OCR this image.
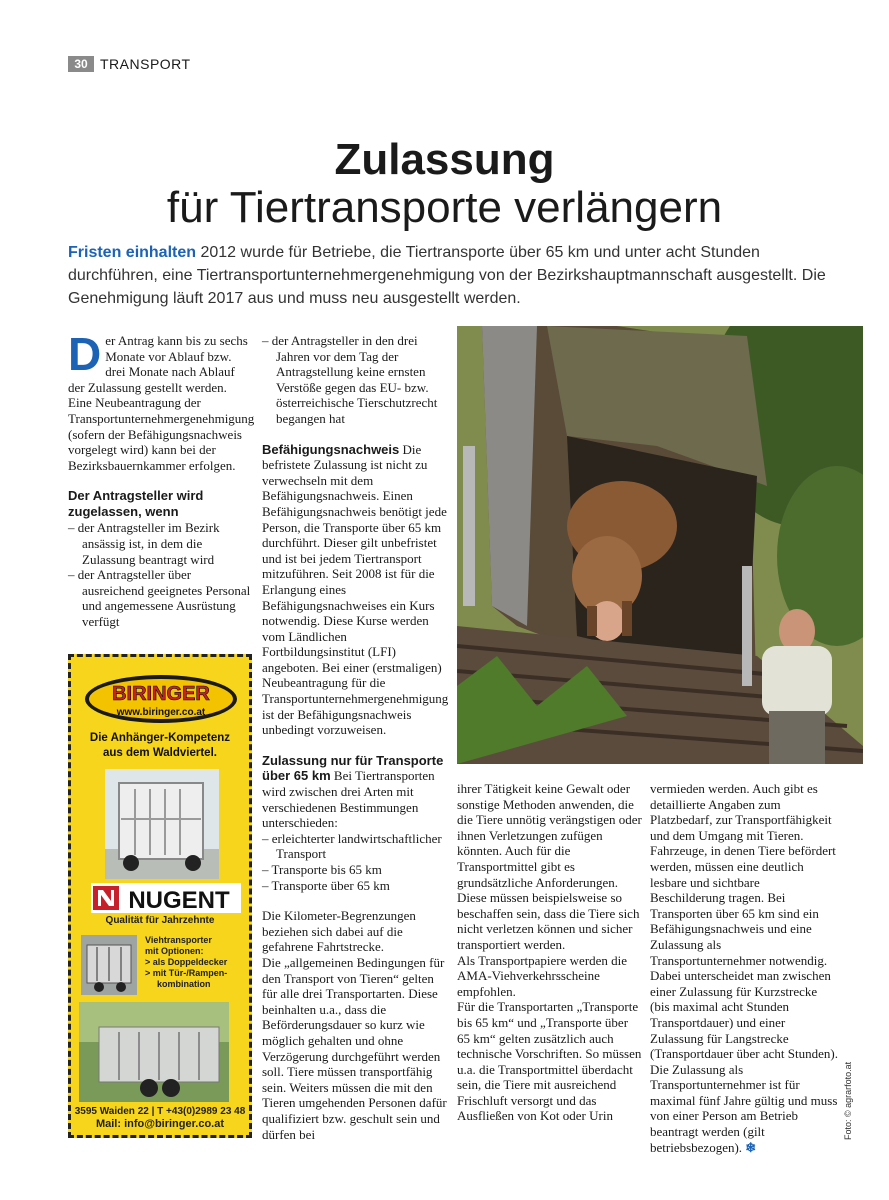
30 TRANSPORT
Zulassung
für Tiertransporte verlängern
Fristen einhalten 2012 wurde für Betriebe, die Tiertransporte über 65 km und unter acht Stunden durchführen, eine Tiertransportunternehmergenehmigung von der Bezirkshauptmannschaft ausgestellt. Die Genehmigung läuft 2017 aus und muss neu ausgestellt werden.

Der Antrag kann bis zu sechs Monate vor Ablauf bzw. drei Monate nach Ablauf der Zulassung gestellt werden. Eine Neubeantragung der Transportunternehmergenehmigung (sofern der Befähigungsnachweis vorgelegt wird) kann bei der Bezirksbauernkammer erfolgen.

Der Antragsteller wird zugelassen, wenn

– der Antragsteller im Bezirk ansässig ist, in dem die Zulassung beantragt wird

– der Antragsteller über ausreichend geeignetes Personal und angemessene Ausrüstung verfügt

– der Antragsteller in den drei Jahren vor dem Tag der Antragstellung keine ernsten Verstöße gegen das EU- bzw. österreichische Tierschutzrecht begangen hat

Befähigungsnachweis Die befristete Zulassung ist nicht zu verwechseln mit dem Befähigungsnachweis. Einen Befähigungsnachweis benötigt jede Person, die Transporte über 65 km durchführt. Dieser gilt unbefristet und ist bei jedem Tiertransport mitzuführen. Seit 2008 ist für die Erlangung eines Befähigungsnachweises ein Kurs notwendig. Diese Kurse werden vom Ländlichen Fortbildungsinstitut (LFI) angeboten. Bei einer (erstmaligen) Neubeantragung für die Transportunternehmergenehmigung ist der Befähigungsnachweis unbedingt vorzuweisen.

Zulassung nur für Transporte über 65 km Bei Tiertransporten wird zwischen drei Arten mit verschiedenen Bestimmungen unterschieden:

– erleichterter landwirtschaftlicher Transport

– Transporte bis 65 km

– Transporte über 65 km

Die Kilometer-Begrenzungen beziehen sich dabei auf die gefahrene Fahrtstrecke.

Die „allgemeinen Bedingungen für den Transport von Tieren“ gelten für alle drei Transportarten. Diese beinhalten u.a., dass die Beförderungsdauer so kurz wie möglich gehalten und ohne Verzögerung durchgeführt werden soll. Tiere müssen transportfähig sein. Weiters müssen die mit den Tieren umgehenden Personen dafür qualifiziert bzw. geschult sein und dürfen bei	Foto: © agrarfoto.at

ihrer Tätigkeit keine Gewalt oder sonstige Methoden anwenden, die die Tiere unnötig verängstigen oder ihnen Verletzungen zufügen könnten. Auch für die Transportmittel gibt es grundsätzliche Anforderungen. Diese müssen beispielsweise so beschaffen sein, dass die Tiere sich nicht verletzen können und sicher transportiert werden.

Als Transportpapiere werden die AMA-Viehverkehrsscheine empfohlen.

Für die Transportarten „Transporte bis 65 km“ und „Transporte über 65 km“ gelten zusätzlich auch technische Vorschriften. So müssen u.a. die Transportmittel überdacht sein, die Tiere mit ausreichend Frischluft versorgt und das Ausfließen von Kot oder Urin

vermieden werden. Auch gibt es detaillierte Angaben zum Platzbedarf, zur Transportfähigkeit und dem Umgang mit Tieren. Fahrzeuge, in denen Tiere befördert werden, müssen eine deutlich lesbare und sichtbare Beschilderung tragen. Bei Transporten über 65 km sind ein Befähigungsnachweis und eine Zulassung als Transportunternehmer notwendig. Dabei unterscheidet man zwischen einer Zulassung für Kurzstrecke (bis maximal acht Stunden Transportdauer) und einer Zulassung für Langstrecke (Transportdauer über acht Stunden). Die Zulassung als Transportunternehmer ist für maximal fünf Jahre gültig und muss von einer Person am Betrieb beantragt werden (gilt betriebsbezogen). ❄

BIRINGER
www.biringer.co.at
Die Anhänger-Kompetenz
aus dem Waldviertel.
NUGENT
Qualität für Jahrzehnte
Viehtransporter
mit Optionen:
> als Doppeldecker
> mit Tür-/Rampen-
kombination
3595 Waiden 22 | T +43(0)2989 23 48
Mail: info@biringer.co.at
